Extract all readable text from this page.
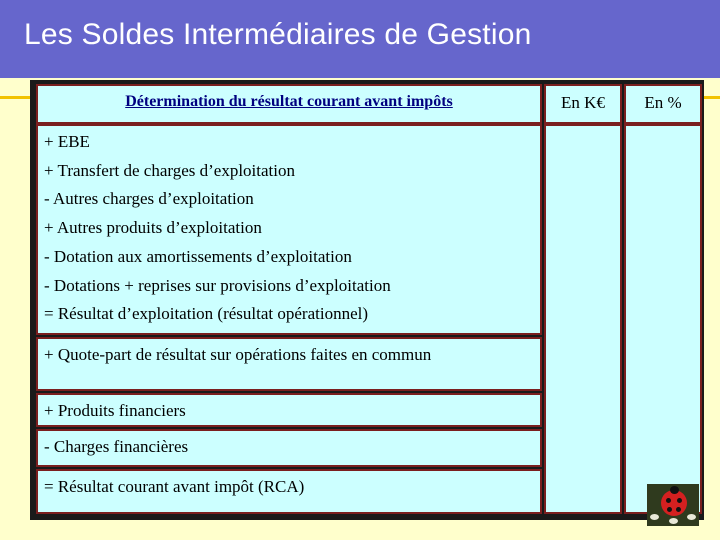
Les Soldes Intermédiaires de Gestion
Détermination du résultat courant avant impôts	En K€	En %
+ EBE
+ Transfert de charges d’exploitation
- Autres charges d’exploitation
+ Autres produits d’exploitation
- Dotation aux amortissements d’exploitation
- Dotations + reprises sur provisions d’exploitation
= Résultat d’exploitation (résultat opérationnel)
+ Quote-part de résultat sur opérations faites en commun
+ Produits financiers
- Charges financières
= Résultat courant avant impôt (RCA)
